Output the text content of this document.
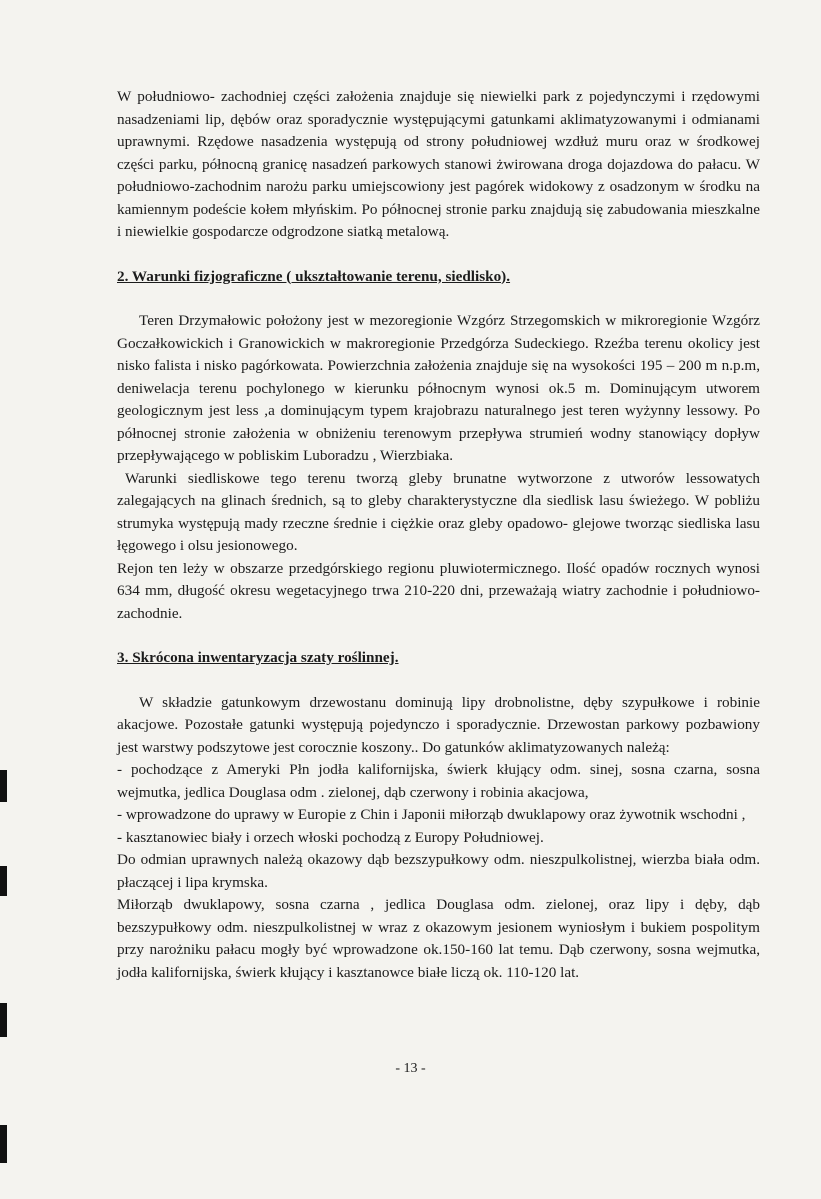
W południowo- zachodniej części założenia znajduje się niewielki park z pojedynczymi i rzędowymi nasadzeniami lip, dębów oraz sporadycznie występującymi gatunkami aklimatyzowanymi i odmianami uprawnymi. Rzędowe nasadzenia występują od strony południowej wzdłuż muru oraz w środkowej części parku, północną granicę nasadzeń parkowych stanowi żwirowana droga dojazdowa do pałacu. W południowo-zachodnim narożu parku umiejscowiony jest pagórek widokowy z osadzonym w środku na kamiennym podeście kołem młyńskim. Po północnej stronie parku znajdują się zabudowania mieszkalne i niewielkie gospodarcze odgrodzone siatką metalową.

2. Warunki fizjograficzne ( ukształtowanie terenu, siedlisko).

Teren Drzymałowic położony jest w mezoregionie Wzgórz Strzegomskich w mikroregionie Wzgórz Goczałkowickich i Granowickich w makroregionie Przedgórza Sudeckiego. Rzeźba terenu okolicy jest nisko falista i nisko pagórkowata. Powierzchnia założenia znajduje się na wysokości 195 – 200 m n.p.m, deniwelacja terenu pochylonego w kierunku północnym wynosi ok.5 m. Dominującym utworem geologicznym jest less ,a dominującym typem krajobrazu naturalnego jest teren wyżynny lessowy. Po północnej stronie założenia w obniżeniu terenowym przepływa strumień wodny stanowiący dopływ przepływającego w pobliskim Luboradzu , Wierzbiaka.

Warunki siedliskowe tego terenu tworzą gleby brunatne wytworzone z utworów lessowatych zalegających na glinach średnich, są to gleby charakterystyczne dla siedlisk lasu świeżego. W pobliżu strumyka występują mady rzeczne średnie i ciężkie oraz gleby opadowo- glejowe tworząc siedliska lasu łęgowego i olsu jesionowego.

Rejon ten leży w obszarze przedgórskiego regionu pluwiotermicznego. Ilość opadów rocznych wynosi 634 mm, długość okresu wegetacyjnego trwa 210-220 dni, przeważają wiatry zachodnie i południowo-zachodnie.

3. Skrócona inwentaryzacja szaty roślinnej.

W składzie gatunkowym drzewostanu dominują lipy drobnolistne, dęby szypułkowe i robinie akacjowe. Pozostałe gatunki występują pojedynczo i sporadycznie. Drzewostan parkowy pozbawiony jest warstwy podszytowe jest corocznie koszony.. Do gatunków aklimatyzowanych należą:

- pochodzące z Ameryki Płn jodła kalifornijska, świerk kłujący odm. sinej, sosna czarna, sosna wejmutka, jedlica Douglasa odm . zielonej, dąb czerwony i robinia akacjowa,

- wprowadzone do uprawy w Europie z Chin i Japonii miłorząb dwuklapowy oraz żywotnik wschodni ,

- kasztanowiec biały i orzech włoski pochodzą z Europy Południowej.

Do odmian uprawnych należą okazowy dąb bezszypułkowy odm. nieszpulkolistnej, wierzba biała odm. płaczącej i lipa krymska.

Miłorząb dwuklapowy, sosna czarna , jedlica Douglasa odm. zielonej, oraz lipy i dęby, dąb bezszypułkowy odm. nieszpulkolistnej w wraz z okazowym jesionem wyniosłym i bukiem pospolitym przy narożniku pałacu mogły być wprowadzone ok.150-160 lat temu. Dąb czerwony, sosna wejmutka, jodła kalifornijska, świerk kłujący i kasztanowce białe liczą ok. 110-120 lat.

- 13 -
